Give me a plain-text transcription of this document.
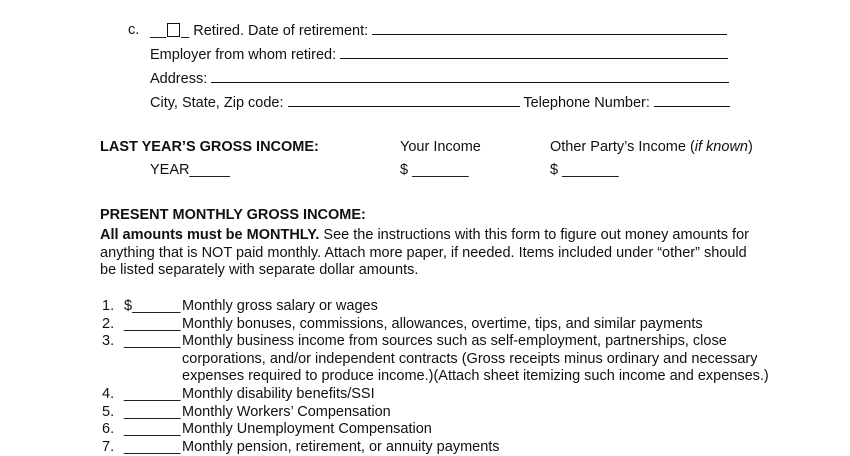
c. __ _ Retired. Date of retirement:
Employer from whom retired:
Address:
City, State, Zip code:	Telephone Number:
LAST YEAR’S GROSS INCOME:	Your Income	Other Party’s Income (if known)
YEAR_____	$ _______	$ _______
PRESENT MONTHLY GROSS INCOME:
All amounts must be MONTHLY. See the instructions with this form to figure out money amounts for anything that is NOT paid monthly. Attach more paper, if needed. Items included under “other” should be listed separately with separate dollar amounts.
1. $______ Monthly gross salary or wages
2. _______ Monthly bonuses, commissions, allowances, overtime, tips, and similar payments
3. _______ Monthly business income from sources such as self-employment, partnerships, close
corporations, and/or independent contracts (Gross receipts minus ordinary and necessary
expenses required to produce income.)(Attach sheet itemizing such income and expenses.)
4. _______ Monthly disability benefits/SSI
5. _______ Monthly Workers’ Compensation
6. _______ Monthly Unemployment Compensation
7. _______ Monthly pension, retirement, or annuity payments
